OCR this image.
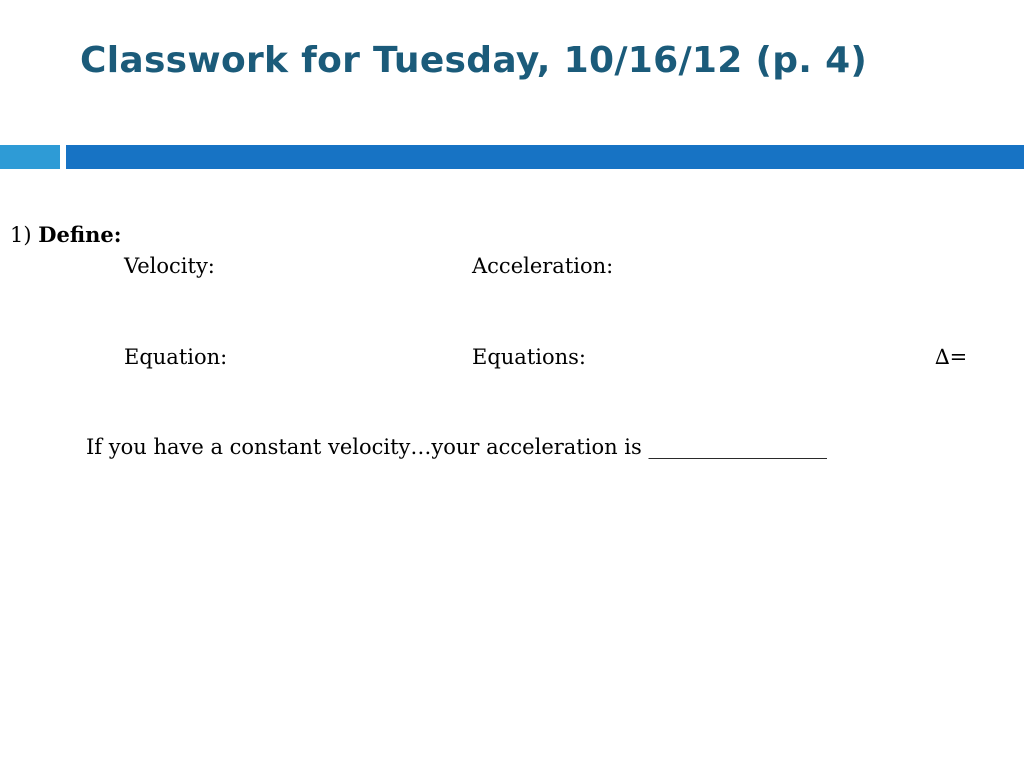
Classwork for Tuesday, 10/16/12 (p. 4)
1) Define:
Velocity:	Acceleration:
Equation:	Equations:	∆=
If you have a constant velocity…your acceleration is _________________
